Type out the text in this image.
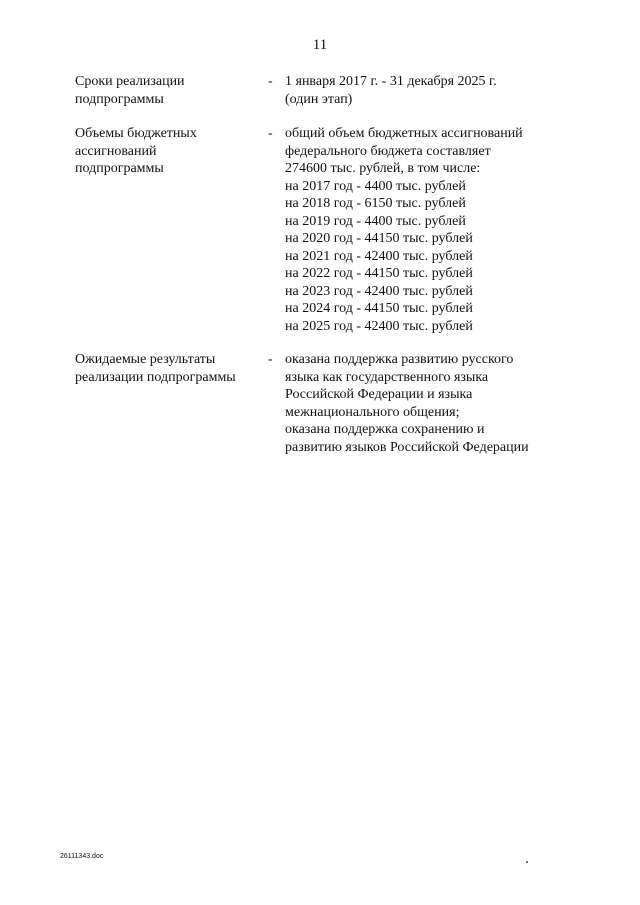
11
Сроки реализации
подпрограммы
- 1 января 2017 г. - 31 декабря 2025 г.
(один этап)
Объемы бюджетных
ассигнований
подпрограммы
- общий объем бюджетных ассигнований
федерального бюджета составляет
274600 тыс. рублей, в том числе:
на 2017 год - 4400 тыс. рублей
на 2018 год - 6150 тыс. рублей
на 2019 год - 4400 тыс. рублей
на 2020 год - 44150 тыс. рублей
на 2021 год - 42400 тыс. рублей
на 2022 год - 44150 тыс. рублей
на 2023 год - 42400 тыс. рублей
на 2024 год - 44150 тыс. рублей
на 2025 год - 42400 тыс. рублей
Ожидаемые результаты
реализации подпрограммы
- оказана поддержка развитию русского
языка как государственного языка
Российской Федерации и языка
межнационального общения;
оказана поддержка сохранению и
развитию языков Российской Федерации
26111343.doc
